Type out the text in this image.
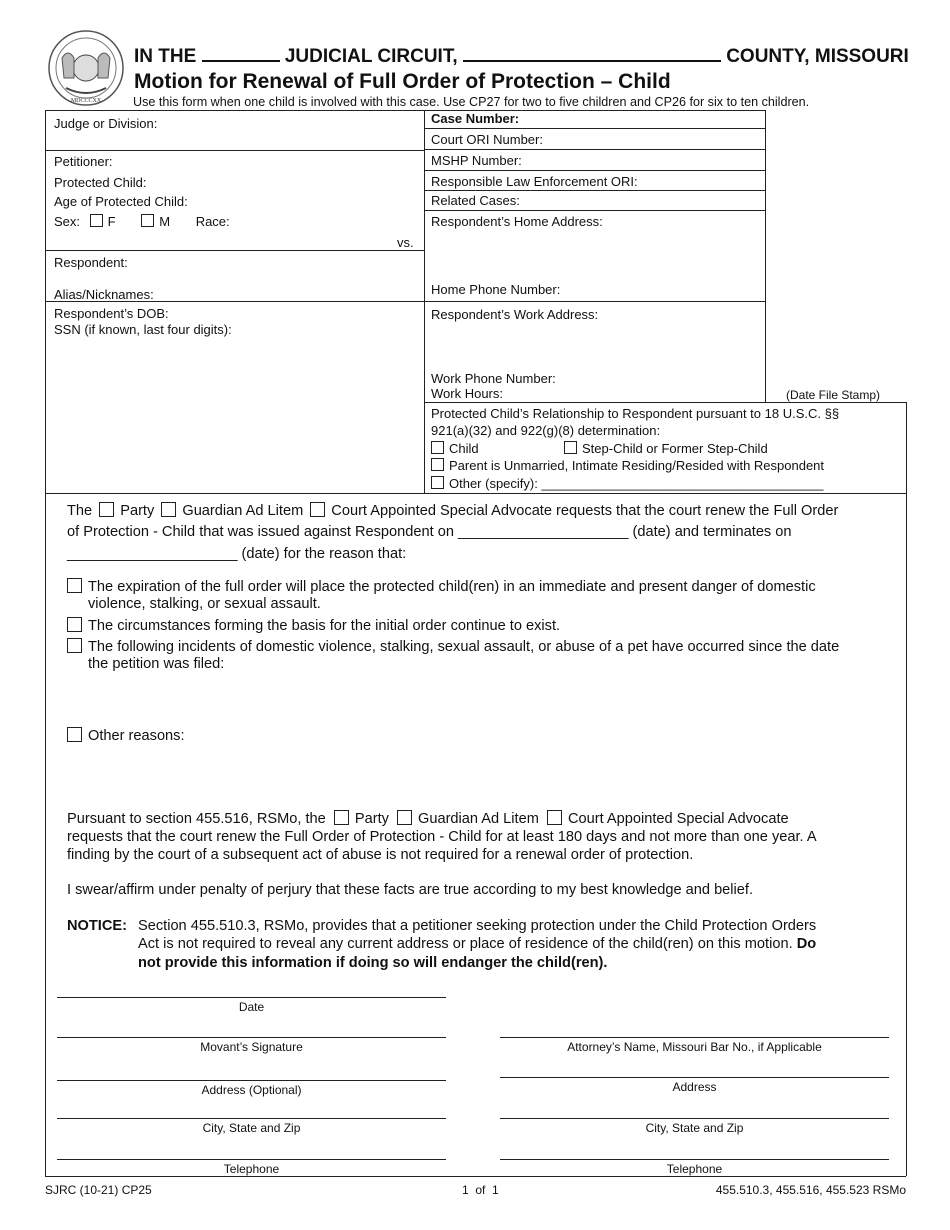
MDCCCXX
IN THE	JUDICIAL CIRCUIT,	COUNTY, MISSOURI
Motion for Renewal of Full Order of Protection – Child
Use this form when one child is involved with this case. Use CP27 for two to five children and CP26 for six to ten children.
Judge or Division:	Case Number:
Court ORI Number:
MSHP Number:
Responsible Law Enforcement ORI:
Related Cases:
Respondent’s Home Address:
Home Phone Number:
Respondent’s Work Address:
Work Phone Number:
Work Hours:	(Date File Stamp)
Petitioner:
Protected Child:
Age of Protected Child:
Sex: F	M Race:
vs.
Respondent:
Alias/Nicknames:
Respondent’s DOB:
SSN (if known, last four digits):
Protected Child’s Relationship to Respondent pursuant to 18 U.S.C. §§
921(a)(32) and 922(g)(8) determination:
Child	Step-Child or Former Step-Child
Parent is Unmarried, Intimate Residing/Resided with Respondent
Other (specify): _______________________________________
The Party Guardian Ad Litem Court Appointed Special Advocate requests that the court renew the Full Order
of Protection - Child that was issued against Respondent on _____________________ (date) and terminates on
_____________________ (date) for the reason that:
The expiration of the full order will place the protected child(ren) in an immediate and present danger of domestic
violence, stalking, or sexual assault.
The circumstances forming the basis for the initial order continue to exist.
The following incidents of domestic violence, stalking, sexual assault, or abuse of a pet have occurred since the date
the petition was filed:
Other reasons:
Pursuant to section 455.516, RSMo, the Party Guardian Ad Litem Court Appointed Special Advocate
requests that the court renew the Full Order of Protection - Child for at least 180 days and not more than one year. A
finding by the court of a subsequent act of abuse is not required for a renewal order of protection.
I swear/affirm under penalty of perjury that these facts are true according to my best knowledge and belief.
NOTICE: Section 455.510.3, RSMo, provides that a petitioner seeking protection under the Child Protection Orders
Act is not required to reveal any current address or place of residence of the child(ren) on this motion. Do
not provide this information if doing so will endanger the child(ren).
Date
Movant’s Signature
Address (Optional)
City, State and Zip
Telephone
Attorney’s Name, Missouri Bar No., if Applicable
Address
City, State and Zip
Telephone
SJRC (10-21) CP25	1  of  1	455.510.3, 455.516, 455.523 RSMo
